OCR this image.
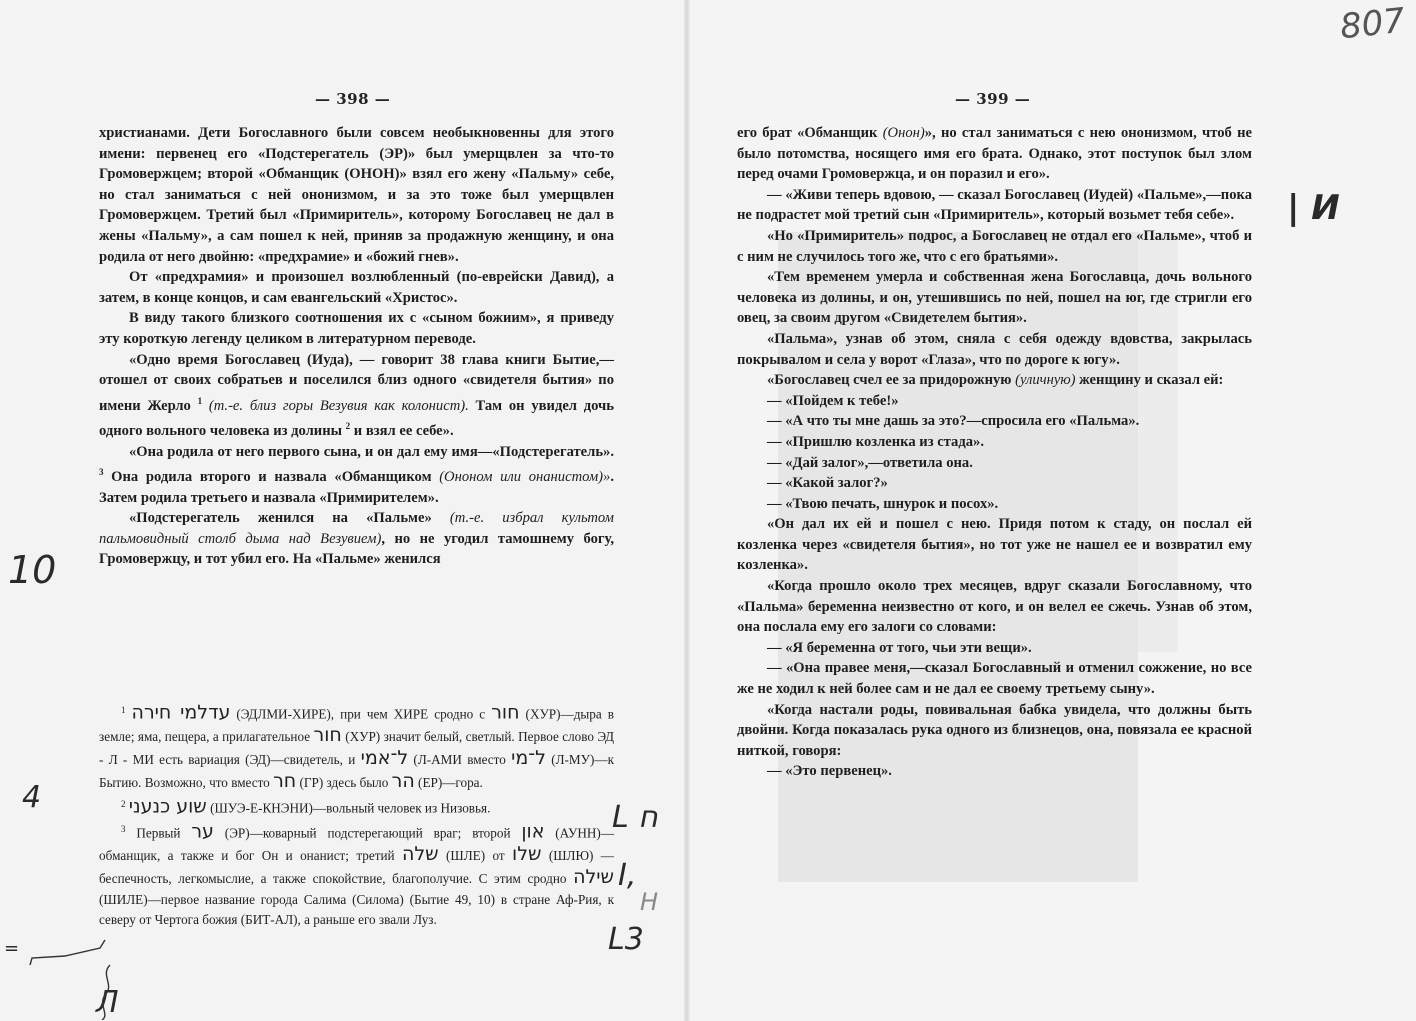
— 398 —	— 399 —

христианами. Дети Богославного были совсем необыкновенны для этого имени: первенец его «Подстерегатель (ЭР)» был умерщвлен за что-то Громовержцем; второй «Обманщик (ОНОН)» взял его жену «Пальму» себе, но стал заниматься с ней ононизмом, и за это тоже был умерщвлен Громовержцем. Третий был «Примиритель», которому Богославец не дал в жены «Пальму», а сам пошел к ней, приняв за продажную женщину, и она родила от него двойню: «предхрамие» и «божий гнев».

От «предхрамия» и произошел возлюбленный (по-еврейски Давид), а затем, в конце концов, и сам евангельский «Христос».

В виду такого близкого соотношения их с «сыном божиим», я приведу эту короткую легенду целиком в литературном переводе.

«Одно время Богославец (Иуда), — говорит 38 глава книги Бытие,—отошел от своих собратьев и поселился близ одного «свидетеля бытия» по имени Жерло $^1$ (т.-е. близ горы Везувия как колонист). Там он увидел дочь одного вольного человека из долины $^2$ и взял ее себе».

«Она родила от него первого сына, и он дал ему имя—«Подстерегатель». $^3$ Она родила второго и назвала «Обманщиком (Ононом или онанистом)». Затем родила третьего и назвала «Примирителем».

«Подстерегатель женился на «Пальме» (т.-е. избрал культом пальмовидный столб дыма над Везувием), но не угодил тамошнему богу, Громовержцу, и тот убил его. На «Пальме» женился

$^1$ עדלמי חירה (ЭДЛМИ-ХИРЕ), при чем ХИРЕ сродно с חור (ХУР)—дыра в земле; яма, пещера, а прилагательное חור (ХУР) значит белый, светлый. Первое слово ЭД - Л - МИ есть вариация (ЭД)—свидетель, и ל־אמי (Л-АМИ вместо ל־מי (Л-МУ)—к Бытию. Возможно, что вместо חר (ГР) здесь было הר (ЕР)—гора.

$^2$ שוע כנעני (ШУЭ-Е-КНЭНИ)—вольный человек из Низовья.

$^3$ Первый ער (ЭР)—коварный подстерегающий враг; второй און (АУНН)—обманщик, а также и бог Он и онанист; третий שלה (ШЛЕ) от שלו (ШЛЮ) — беспечность, легкомыслие, а также спокойствие, благополучие. С этим сродно שילה (ШИЛЕ)—первое название города Салима (Силома) (Бытие 49, 10) в стране Аф-Рия, к северу от Чертога божия (БИТ-АЛ), а раньше его звали Луз.

его брат «Обманщик (Онон)», но стал заниматься с нею ононизмом, чтоб не было потомства, носящего имя его брата. Однако, этот поступок был злом перед очами Громовержца, и он поразил и его».

— «Живи теперь вдовою, — сказал Богославец (Иудей) «Пальме»,—пока не подрастет мой третий сын «Примиритель», который возьмет тебя себе».

«Но «Примиритель» подрос, а Богославец не отдал его «Пальме», чтоб и с ним не случилось того же, что с его братьями».

«Тем временем умерла и собственная жена Богославца, дочь вольного человека из долины, и он, утешившись по ней, пошел на юг, где стригли его овец, за своим другом «Свидетелем бытия».

«Пальма», узнав об этом, сняла с себя одежду вдовства, закрылась покрывалом и села у ворот «Глаза», что по дороге к югу».

«Богославец счел ее за придорожную (уличную) женщину и сказал ей:

— «Пойдем к тебе!»

— «А что ты мне дашь за это?—спросила его «Пальма».

— «Пришлю козленка из стада».

— «Дай залог»,—ответила она.

— «Какой залог?»

— «Твою печать, шнурок и посох».

«Он дал их ей и пошел с нею. Придя потом к стаду, он послал ей козленка через «свидетеля бытия», но тот уже не нашел ее и возвратил ему козленка».

«Когда прошло около трех месяцев, вдруг сказали Богославному, что «Пальма» беременна неизвестно от кого, и он велел ее сжечь. Узнав об этом, она послала ему его залоги со словами:

— «Я беременна от того, чьи эти вещи».

— «Она правее меня,—сказал Богославный и отменил сожжение, но все же не ходил к ней более сам и не дал ее своему третьему сыну».

«Когда настали роды, повивальная бабка увидела, что должны быть двойни. Когда показалась рука одного из близнецов, она, повязала ее красной ниткой, говоря:

— «Это первенец».

807
| И
10
4
L ח
I,
Н
L3
=
Л
